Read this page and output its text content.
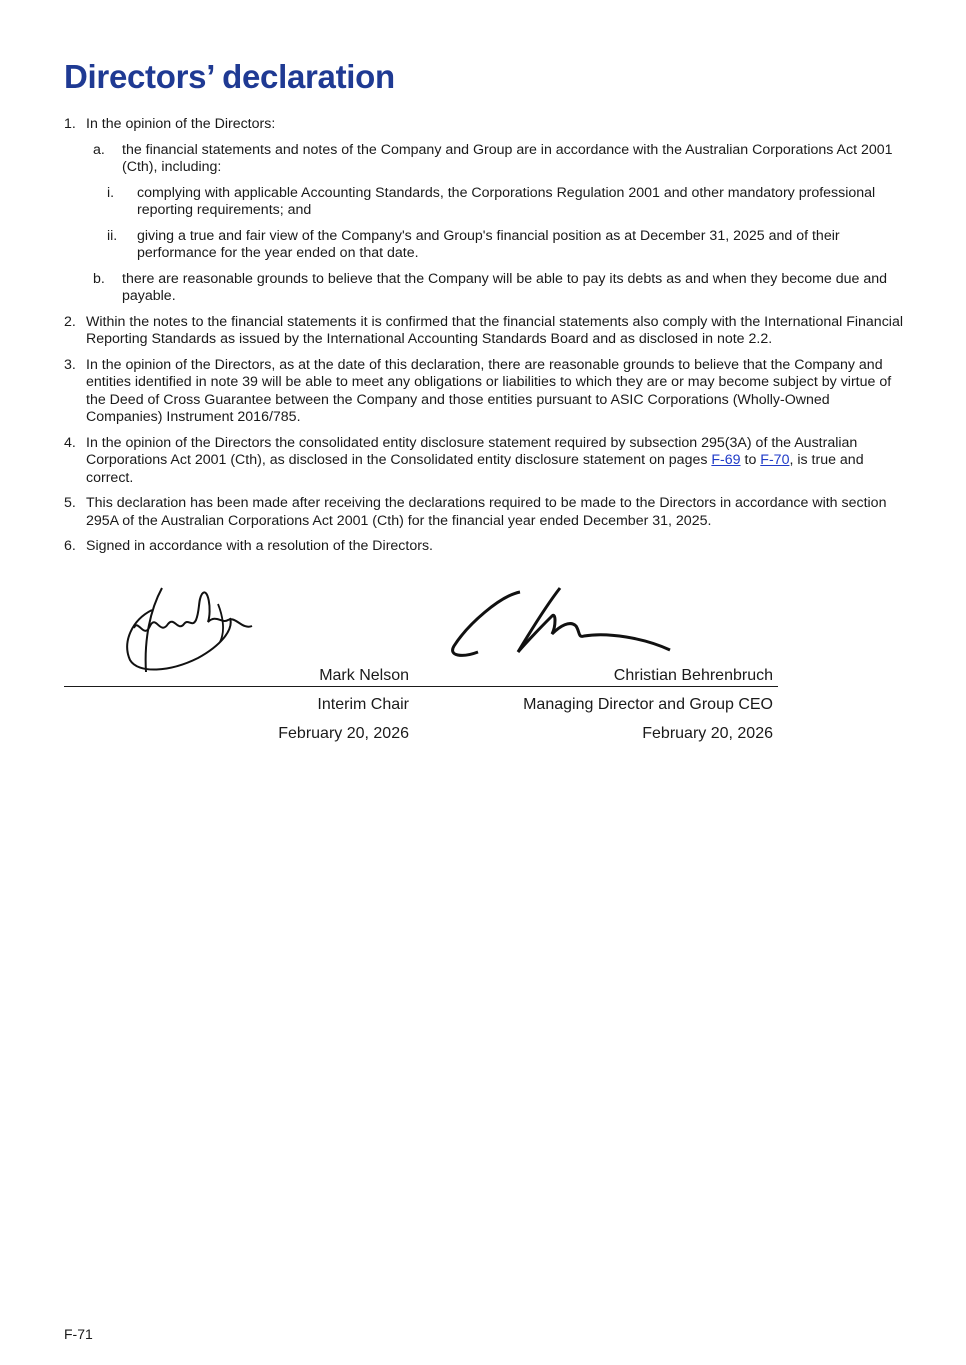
Directors’ declaration
1. In the opinion of the Directors:
a.	the financial statements and notes of the Company and Group are in accordance with the Australian Corporations Act 2001 (Cth), including:
i.	complying with applicable Accounting Standards, the Corporations Regulation 2001 and other mandatory professional reporting requirements; and
ii.	giving a true and fair view of the Company's and Group's financial position as at December 31, 2025 and of their performance for the year ended on that date.
b.	there are reasonable grounds to believe that the Company will be able to pay its debts as and when they become due and payable.
2. Within the notes to the financial statements it is confirmed that the financial statements also comply with the International Financial Reporting Standards as issued by the International Accounting Standards Board and as disclosed in note 2.2.
3. In the opinion of the Directors, as at the date of this declaration, there are reasonable grounds to believe that the Company and entities identified in note 39 will be able to meet any obligations or liabilities to which they are or may become subject by virtue of the Deed of Cross Guarantee between the Company and those entities pursuant to ASIC Corporations (Wholly-Owned Companies) Instrument 2016/785.
4. In the opinion of the Directors the consolidated entity disclosure statement required by subsection 295(3A) of the Australian Corporations Act 2001 (Cth), as disclosed in the Consolidated entity disclosure statement on pages F-69 to F-70, is true and correct.
5. This declaration has been made after receiving the declarations required to be made to the Directors in accordance with section 295A of the Australian Corporations Act 2001 (Cth) for the financial year ended December 31, 2025.
6. Signed in accordance with a resolution of the Directors.
Mark Nelson
Interim Chair
February 20, 2026
Christian Behrenbruch
Managing Director and Group CEO
February 20, 2026
F-71
